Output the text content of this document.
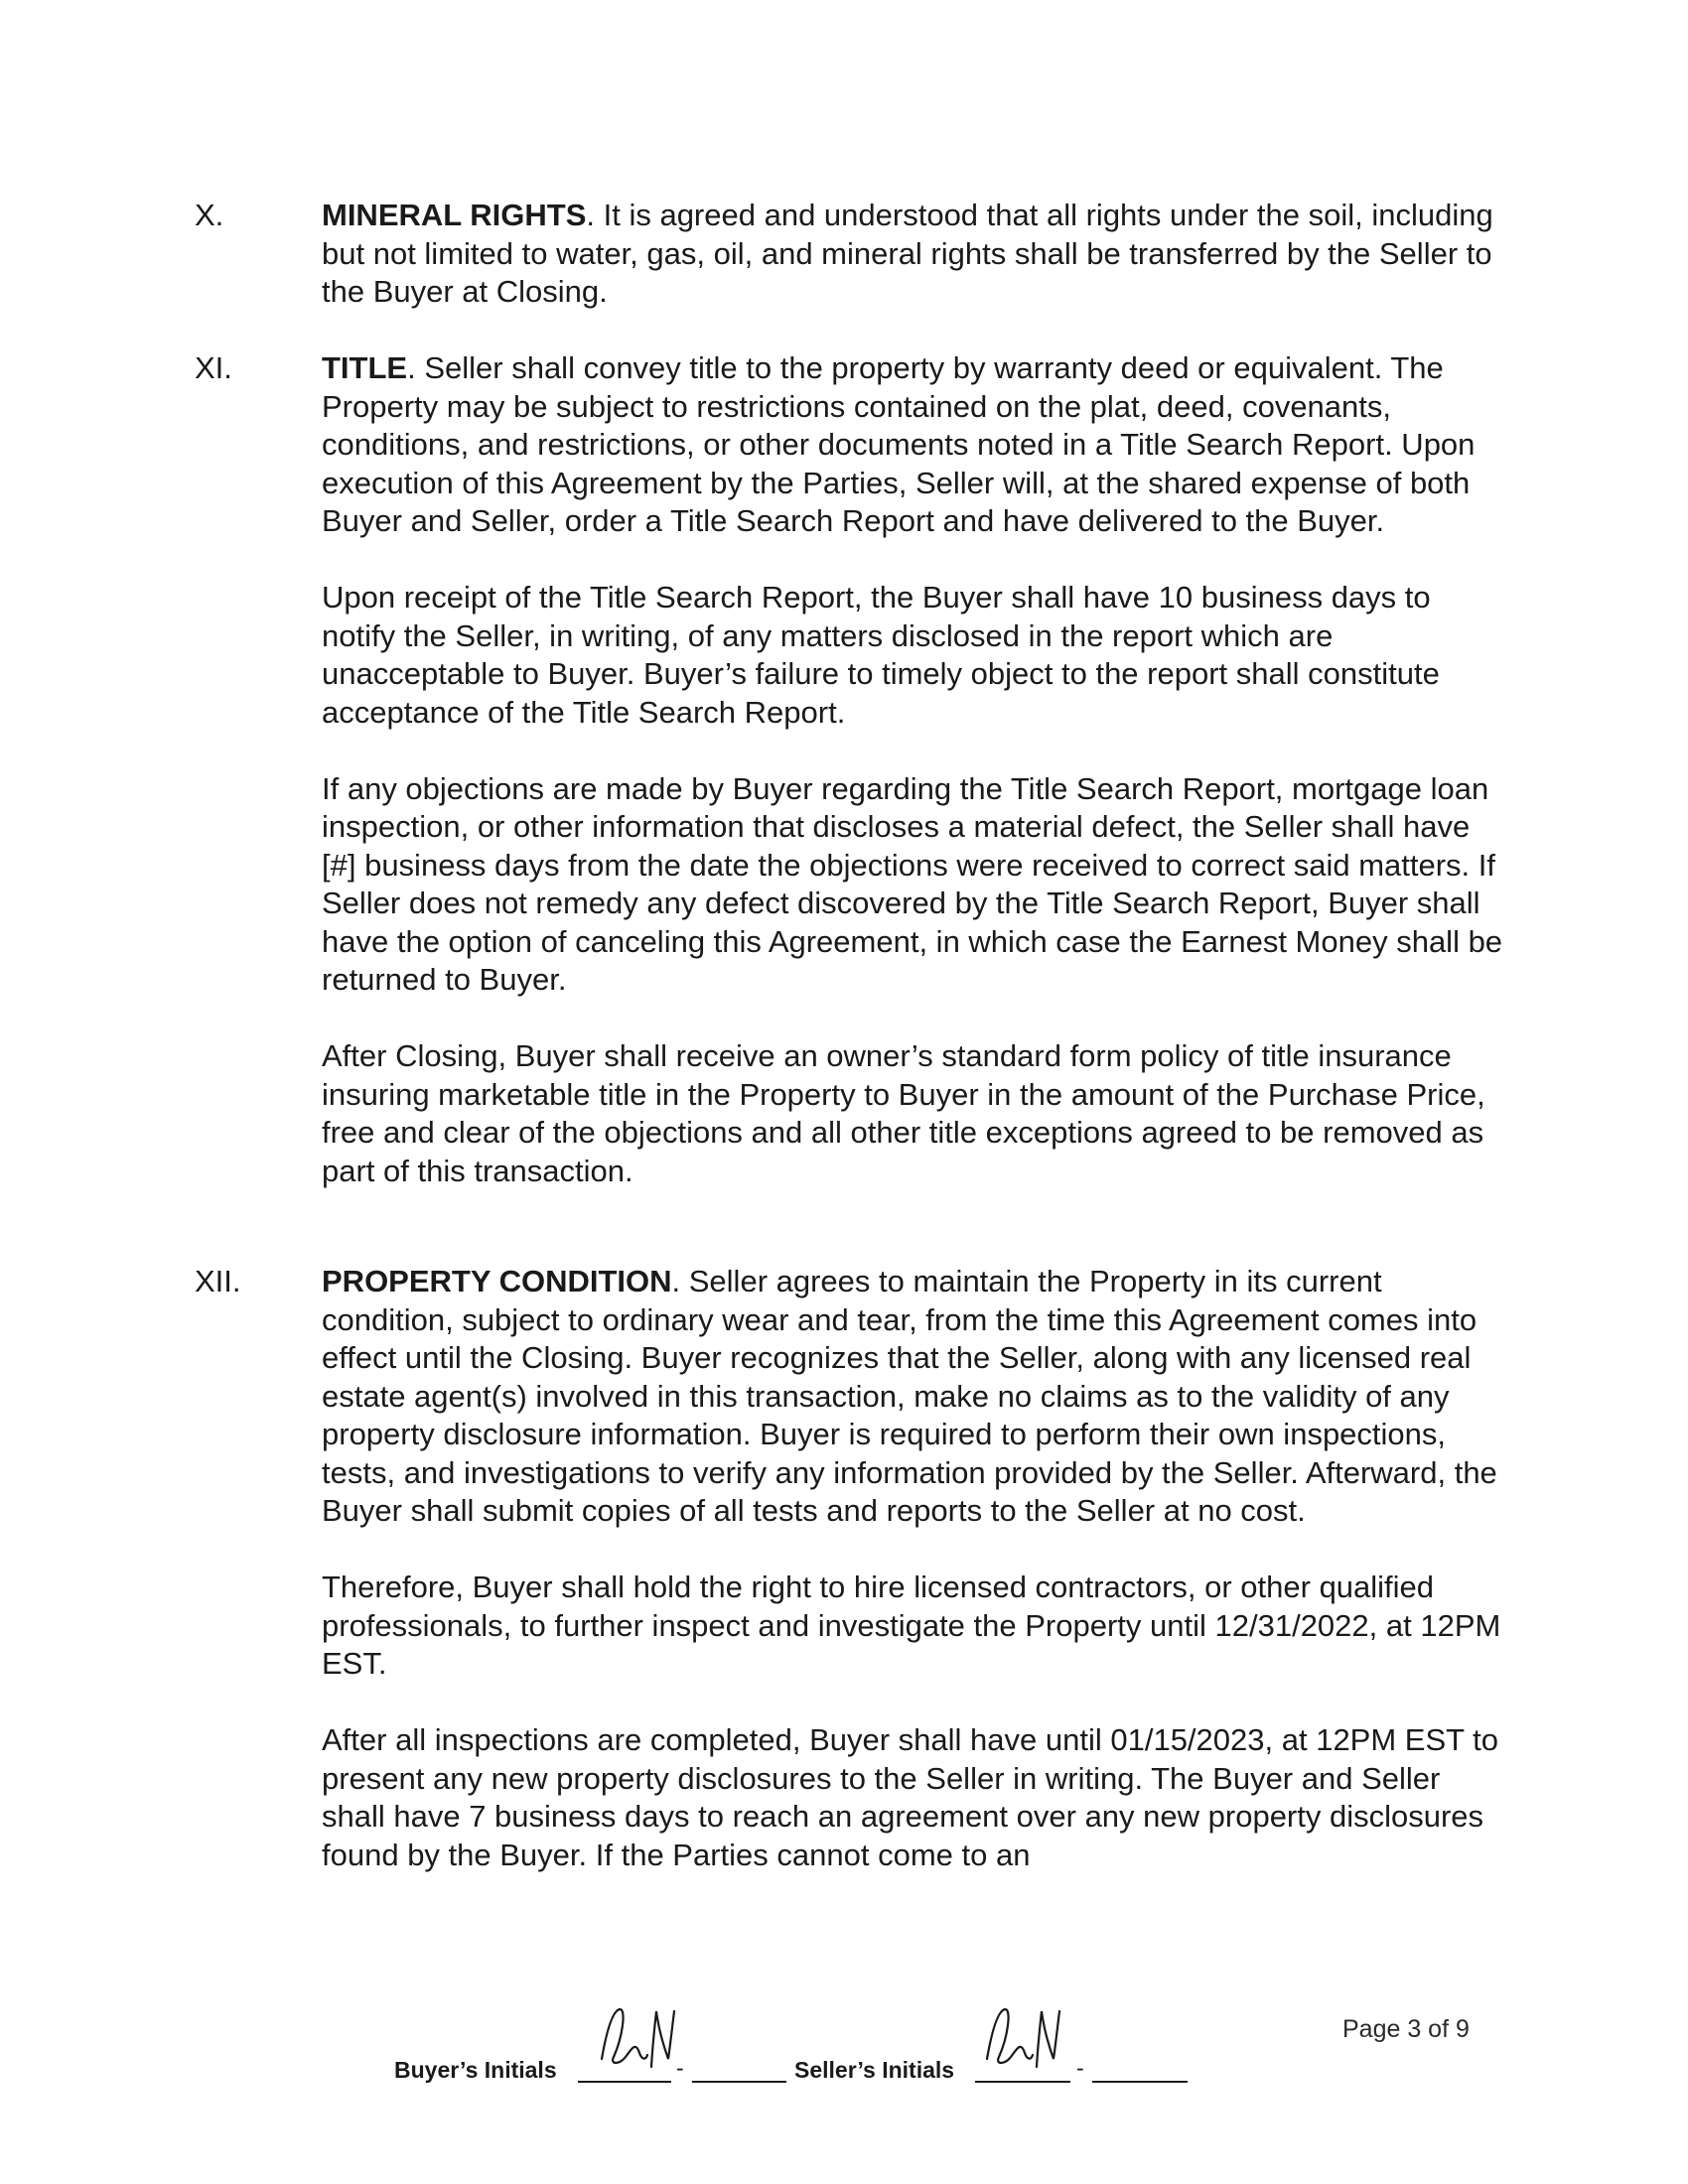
X.	MINERAL RIGHTS. It is agreed and understood that all rights under the soil, including but not limited to water, gas, oil, and mineral rights shall be transferred by the Seller to the Buyer at Closing.

XI.	TITLE. Seller shall convey title to the property by warranty deed or equivalent. The Property may be subject to restrictions contained on the plat, deed, covenants, conditions, and restrictions, or other documents noted in a Title Search Report. Upon execution of this Agreement by the Parties, Seller will, at the shared expense of both Buyer and Seller, order a Title Search Report and have delivered to the Buyer.

Upon receipt of the Title Search Report, the Buyer shall have 10 business days to notify the Seller, in writing, of any matters disclosed in the report which are unacceptable to Buyer. Buyer’s failure to timely object to the report shall constitute acceptance of the Title Search Report.

If any objections are made by Buyer regarding the Title Search Report, mortgage loan inspection, or other information that discloses a material defect, the Seller shall have [#] business days from the date the objections were received to correct said matters. If Seller does not remedy any defect discovered by the Title Search Report, Buyer shall have the option of canceling this Agreement, in which case the Earnest Money shall be returned to Buyer.

After Closing, Buyer shall receive an owner’s standard form policy of title insurance insuring marketable title in the Property to Buyer in the amount of the Purchase Price, free and clear of the objections and all other title exceptions agreed to be removed as part of this transaction.

XII.	PROPERTY CONDITION. Seller agrees to maintain the Property in its current condition, subject to ordinary wear and tear, from the time this Agreement comes into effect until the Closing. Buyer recognizes that the Seller, along with any licensed real estate agent(s) involved in this transaction, make no claims as to the validity of any property disclosure information. Buyer is required to perform their own inspections, tests, and investigations to verify any information provided by the Seller. Afterward, the Buyer shall submit copies of all tests and reports to the Seller at no cost.

Therefore, Buyer shall hold the right to hire licensed contractors, or other qualified professionals, to further inspect and investigate the Property until 12/31/2022, at 12PM EST.

After all inspections are completed, Buyer shall have until 01/15/2023, at 12PM EST to present any new property disclosures to the Seller in writing. The Buyer and Seller shall have 7 business days to reach an agreement over any new property disclosures found by the Buyer. If the Parties cannot come to an

Buyer’s Initials	-	Seller’s Initials	-
Page 3 of 9
